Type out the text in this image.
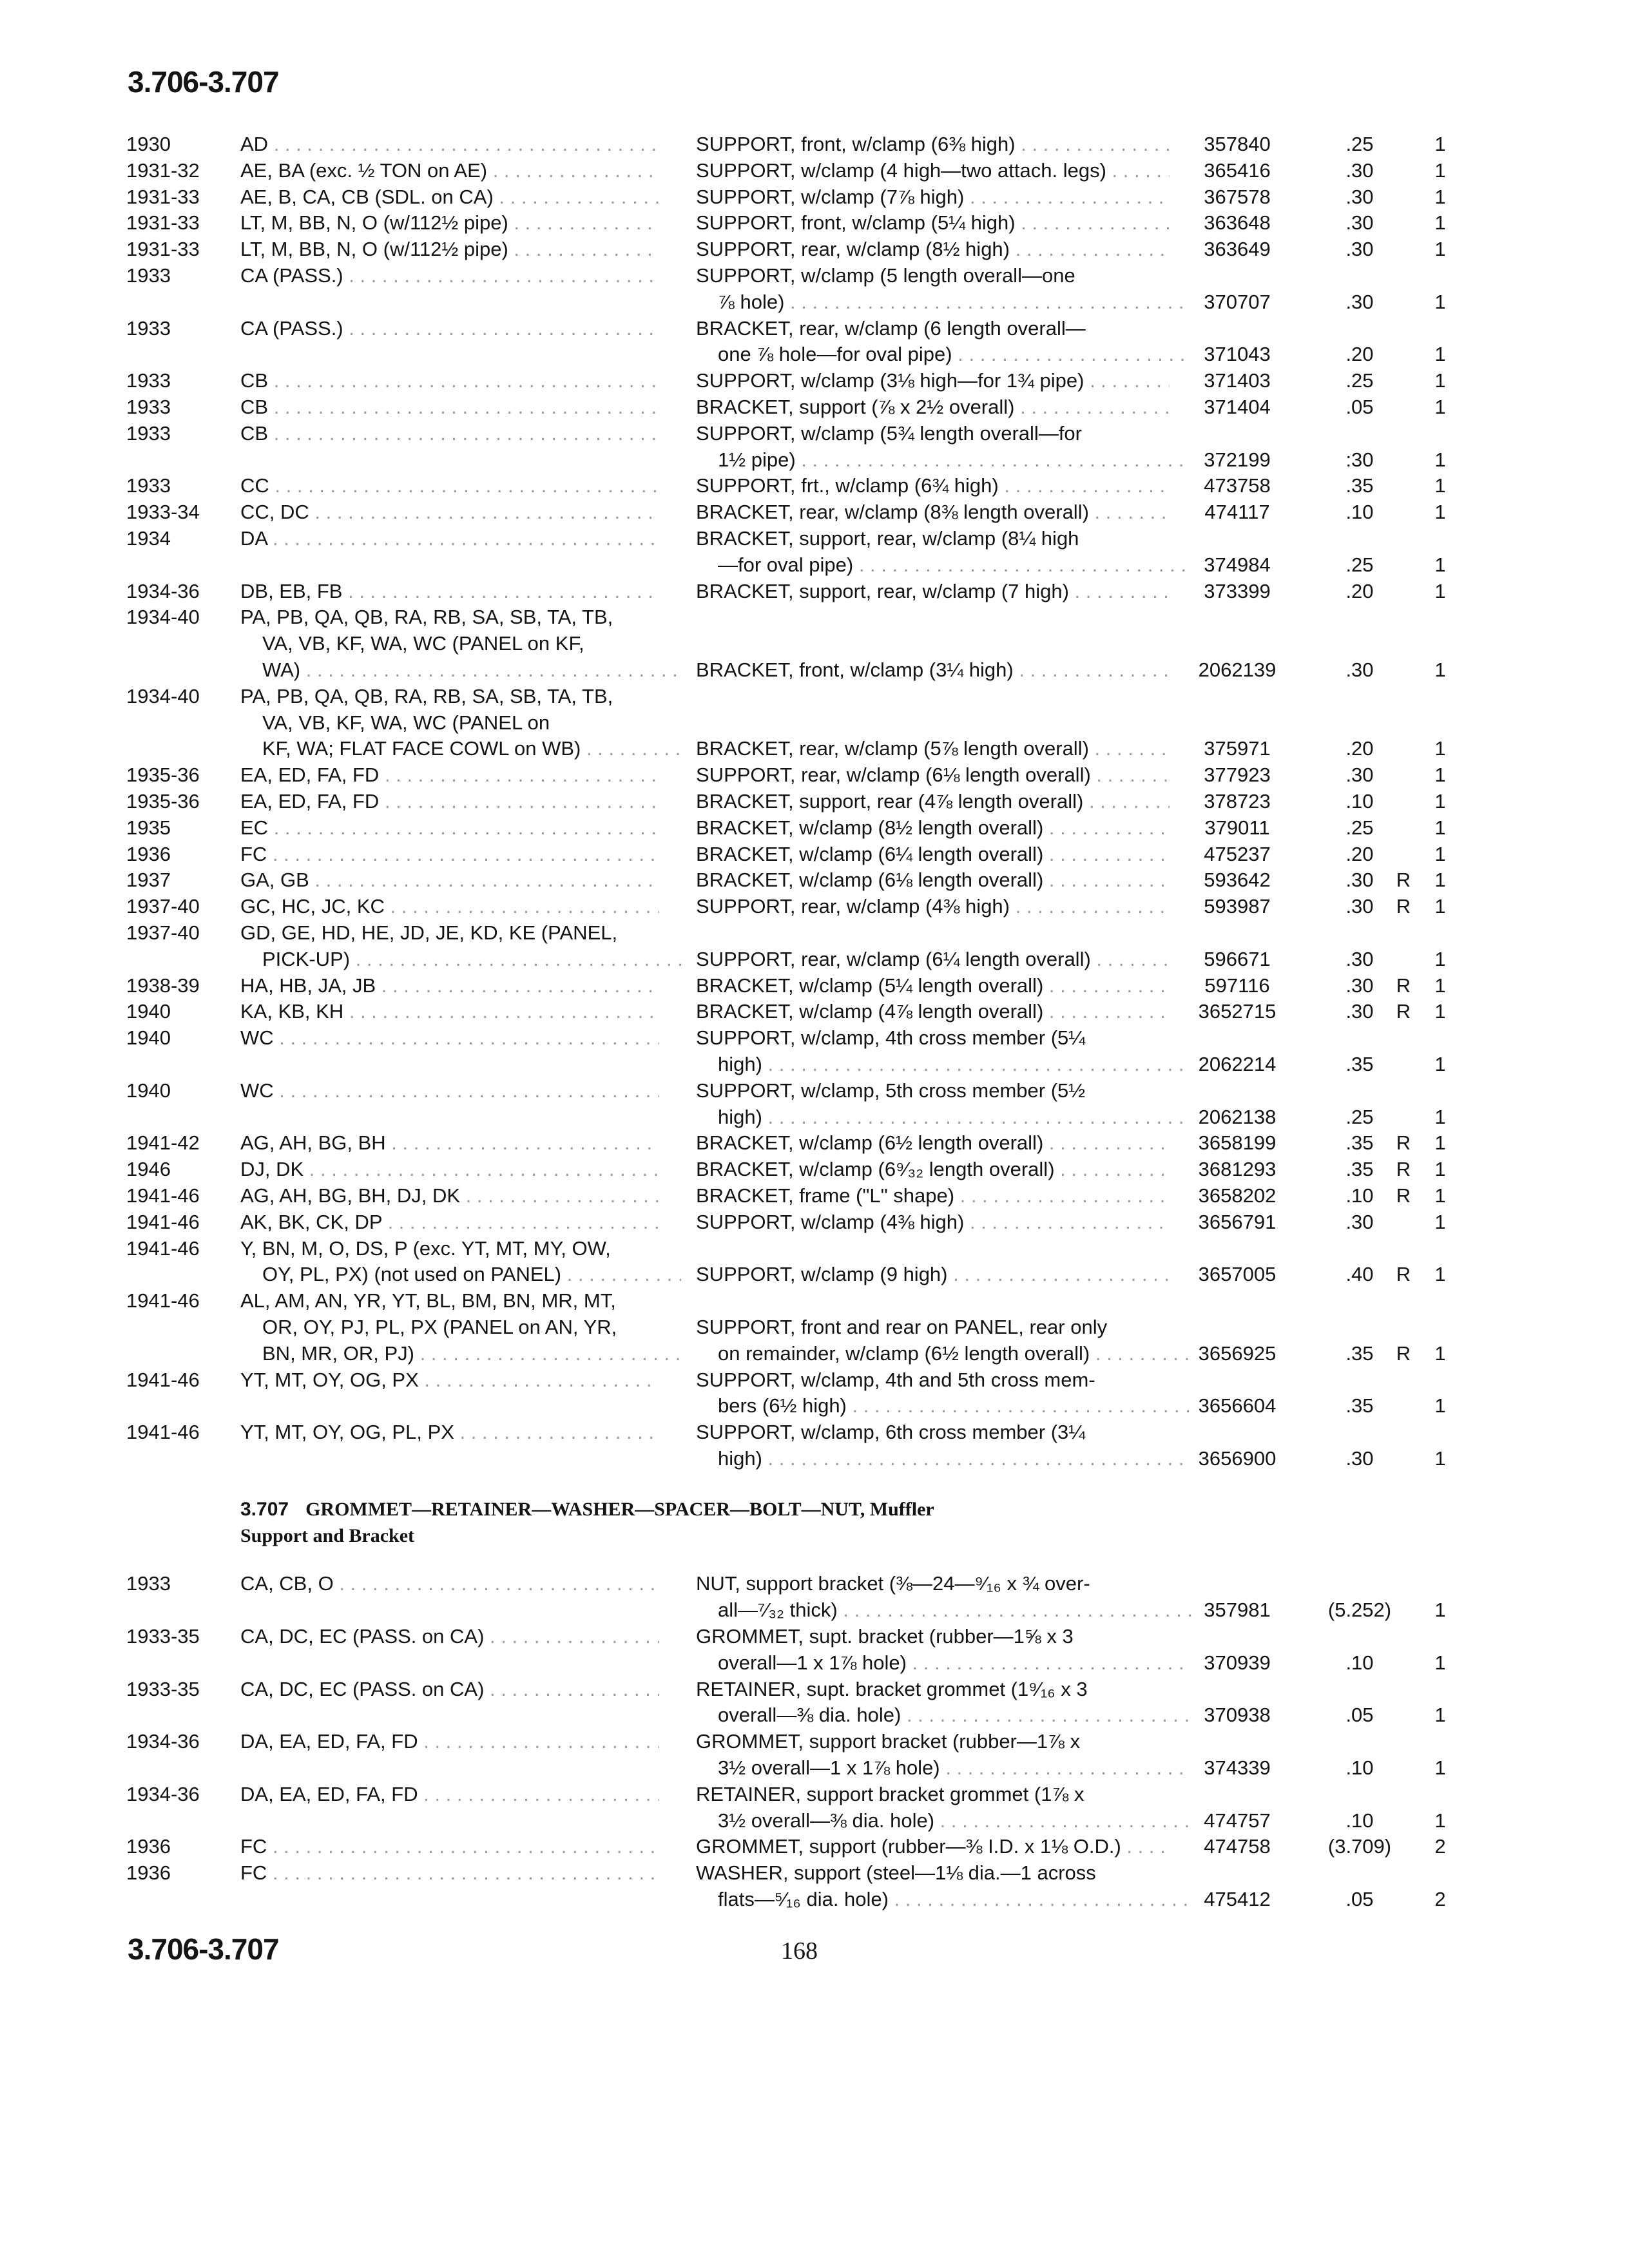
3.706-3.707
1930	AD . . .	SUPPORT, front, w/clamp (6⅜ high) . . .	357840	.25	1
1931-32	AE, BA (exc. ½ TON on AE) . . .	SUPPORT, w/clamp (4 high—two attach. legs) . . .	365416	.30	1
1931-33	AE, B, CA, CB (SDL. on CA) . . .	SUPPORT, w/clamp (7⅞ high) . . .	367578	.30	1
1931-33	LT, M, BB, N, O (w/112½ pipe) . . .	SUPPORT, front, w/clamp (5¼ high) . . .	363648	.30	1
1931-33	LT, M, BB, N, O (w/112½ pipe) . . .	SUPPORT, rear, w/clamp (8½ high) . . .	363649	.30	1
1933	CA (PASS.) . . .	SUPPORT, w/clamp (5 length overall—one
⅞ hole) . . .	370707	.30	1
1933	CA (PASS.) . . .	BRACKET, rear, w/clamp (6 length overall—
one ⅞ hole—for oval pipe) . . .	371043	.20	1
1933	CB . . .	SUPPORT, w/clamp (3⅛ high—for 1¾ pipe) . . .	371403	.25	1
1933	CB . . .	BRACKET, support (⅞ x 2½ overall) . . .	371404	.05	1
1933	CB . . .	SUPPORT, w/clamp (5¾ length overall—for
1½ pipe) . . .	372199	:30	1
1933	CC . . .	SUPPORT, frt., w/clamp (6¾ high) . . .	473758	.35	1
1933-34	CC, DC . . .	BRACKET, rear, w/clamp (8⅜ length overall) . . .	474117	.10	1
1934	DA . . .	BRACKET, support, rear, w/clamp (8¼ high
—for oval pipe) . . .	374984	.25	1
1934-36	DB, EB, FB . . .	BRACKET, support, rear, w/clamp (7 high) . . .	373399	.20	1
1934-40	PA, PB, QA, QB, RA, RB, SA, SB, TA, TB,
VA, VB, KF, WA, WC (PANEL on KF,
WA) . . .	BRACKET, front, w/clamp (3¼ high) . . .	2062139	.30	1
1934-40	PA, PB, QA, QB, RA, RB, SA, SB, TA, TB,
VA, VB, KF, WA, WC (PANEL on
KF, WA; FLAT FACE COWL on WB) . . .	BRACKET, rear, w/clamp (5⅞ length overall) . . .	375971	.20	1
1935-36	EA, ED, FA, FD . . .	SUPPORT, rear, w/clamp (6⅛ length overall) . . .	377923	.30	1
1935-36	EA, ED, FA, FD . . .	BRACKET, support, rear (4⅞ length overall) . . .	378723	.10	1
1935	EC . . .	BRACKET, w/clamp (8½ length overall) . . .	379011	.25	1
1936	FC . . .	BRACKET, w/clamp (6¼ length overall) . . .	475237	.20	1
1937	GA, GB . . .	BRACKET, w/clamp (6⅛ length overall) . . .	593642	.30	R	1
1937-40	GC, HC, JC, KC . . .	SUPPORT, rear, w/clamp (4⅜ high) . . .	593987	.30	R	1
1937-40	GD, GE, HD, HE, JD, JE, KD, KE (PANEL,
PICK-UP) . . .	SUPPORT, rear, w/clamp (6¼ length overall) . . .	596671	.30	1
1938-39	HA, HB, JA, JB . . .	BRACKET, w/clamp (5¼ length overall) . . .	597116	.30	R	1
1940	KA, KB, KH . . .	BRACKET, w/clamp (4⅞ length overall) . . .	3652715	.30	R	1
1940	WC . . .	SUPPORT, w/clamp, 4th cross member (5¼
high) . . .	2062214	.35	1
1940	WC . . .	SUPPORT, w/clamp, 5th cross member (5½
high) . . .	2062138	.25	1
1941-42	AG, AH, BG, BH . . .	BRACKET, w/clamp (6½ length overall) . . .	3658199	.35	R	1
1946	DJ, DK . . .	BRACKET, w/clamp (6⁹⁄₃₂ length overall) . . .	3681293	.35	R	1
1941-46	AG, AH, BG, BH, DJ, DK . . .	BRACKET, frame ("L" shape) . . .	3658202	.10	R	1
1941-46	AK, BK, CK, DP . . .	SUPPORT, w/clamp (4⅜ high) . . .	3656791	.30	1
1941-46	Y, BN, M, O, DS, P (exc. YT, MT, MY, OW,
OY, PL, PX) (not used on PANEL) . . .	SUPPORT, w/clamp (9 high) . . .	3657005	.40	R	1
1941-46	AL, AM, AN, YR, YT, BL, BM, BN, MR, MT,
OR, OY, PJ, PL, PX (PANEL on AN, YR,	SUPPORT, front and rear on PANEL, rear only
BN, MR, OR, PJ) . . .	on remainder, w/clamp (6½ length overall) . . .	3656925	.35	R	1
1941-46	YT, MT, OY, OG, PX . . .	SUPPORT, w/clamp, 4th and 5th cross mem-
bers (6½ high) . . .	3656604	.35	1
1941-46	YT, MT, OY, OG, PL, PX . . .	SUPPORT, w/clamp, 6th cross member (3¼
high) . . .	3656900	.30	1
3.707 GROMMET—RETAINER—WASHER—SPACER—BOLT—NUT, Muffler
Support and Bracket
1933	CA, CB, O . . .	NUT, support bracket (⅜—24—⁹⁄₁₆ x ¾ over-
all—⁷⁄₃₂ thick) . . .	357981	(5.252)	1
1933-35	CA, DC, EC (PASS. on CA) . . .	GROMMET, supt. bracket (rubber—1⅝ x 3
overall—1 x 1⅞ hole) . . .	370939	.10	1
1933-35	CA, DC, EC (PASS. on CA) . . .	RETAINER, supt. bracket grommet (1⁹⁄₁₆ x 3
overall—⅜ dia. hole) . . .	370938	.05	1
1934-36	DA, EA, ED, FA, FD . . .	GROMMET, support bracket (rubber—1⅞ x
3½ overall—1 x 1⅞ hole) . . .	374339	.10	1
1934-36	DA, EA, ED, FA, FD . . .	RETAINER, support bracket grommet (1⅞ x
3½ overall—⅜ dia. hole) . . .	474757	.10	1
1936	FC . . .	GROMMET, support (rubber—⅜ I.D. x 1⅛ O.D.) . . .	474758	(3.709)	2
1936	FC . . .	WASHER, support (steel—1⅛ dia.—1 across
flats—⁵⁄₁₆ dia. hole) . . .	475412	.05	2
3.706-3.707	168
